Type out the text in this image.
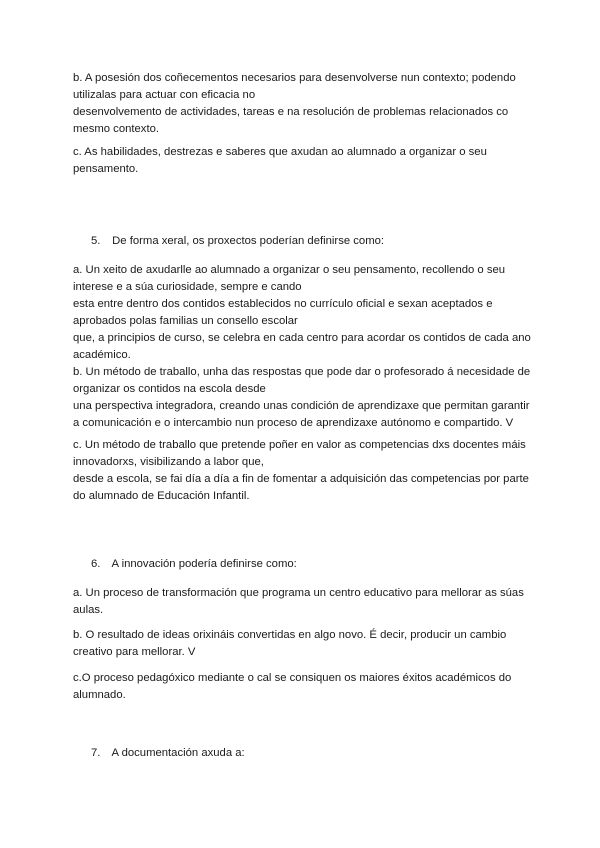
b. A posesión dos coñecementos necesarios para desenvolverse nun contexto; podendo
utilizalas para actuar con eficacia no
desenvolvemento de actividades, tareas e na resolución de problemas relacionados co
mesmo contexto.
c. As habilidades, destrezas e saberes que axudan ao alumnado a organizar o seu
pensamento.
5. De forma xeral, os proxectos poderían definirse como:
a. Un xeito de axudarlle ao alumnado a organizar o seu pensamento, recollendo o seu
interese e a súa curiosidade, sempre e cando
esta entre dentro dos contidos establecidos no currículo oficial e sexan aceptados e
aprobados polas familias un consello escolar
que, a principios de curso, se celebra en cada centro para acordar os contidos de cada ano
académico.
b. Un método de traballo, unha das respostas que pode dar o profesorado á necesidade de
organizar os contidos na escola desde
una perspectiva integradora, creando unas condición de aprendizaxe que permitan garantir
a comunicación e o intercambio nun proceso de aprendizaxe autónomo e compartido. V
c. Un método de traballo que pretende poñer en valor as competencias dxs docentes máis
innovadorxs, visibilizando a labor que,
desde a escola, se fai día a día a fin de fomentar a adquisición das competencias por parte
do alumnado de Educación Infantil.
6. A innovación podería definirse como:
a. Un proceso de transformación que programa un centro educativo para mellorar as súas
aulas.
b. O resultado de ideas orixináis convertidas en algo novo. É decir, producir un cambio
creativo para mellorar. V
c.O proceso pedagóxico mediante o cal se consiquen os maiores éxitos académicos do
alumnado.
7. A documentación axuda a:
